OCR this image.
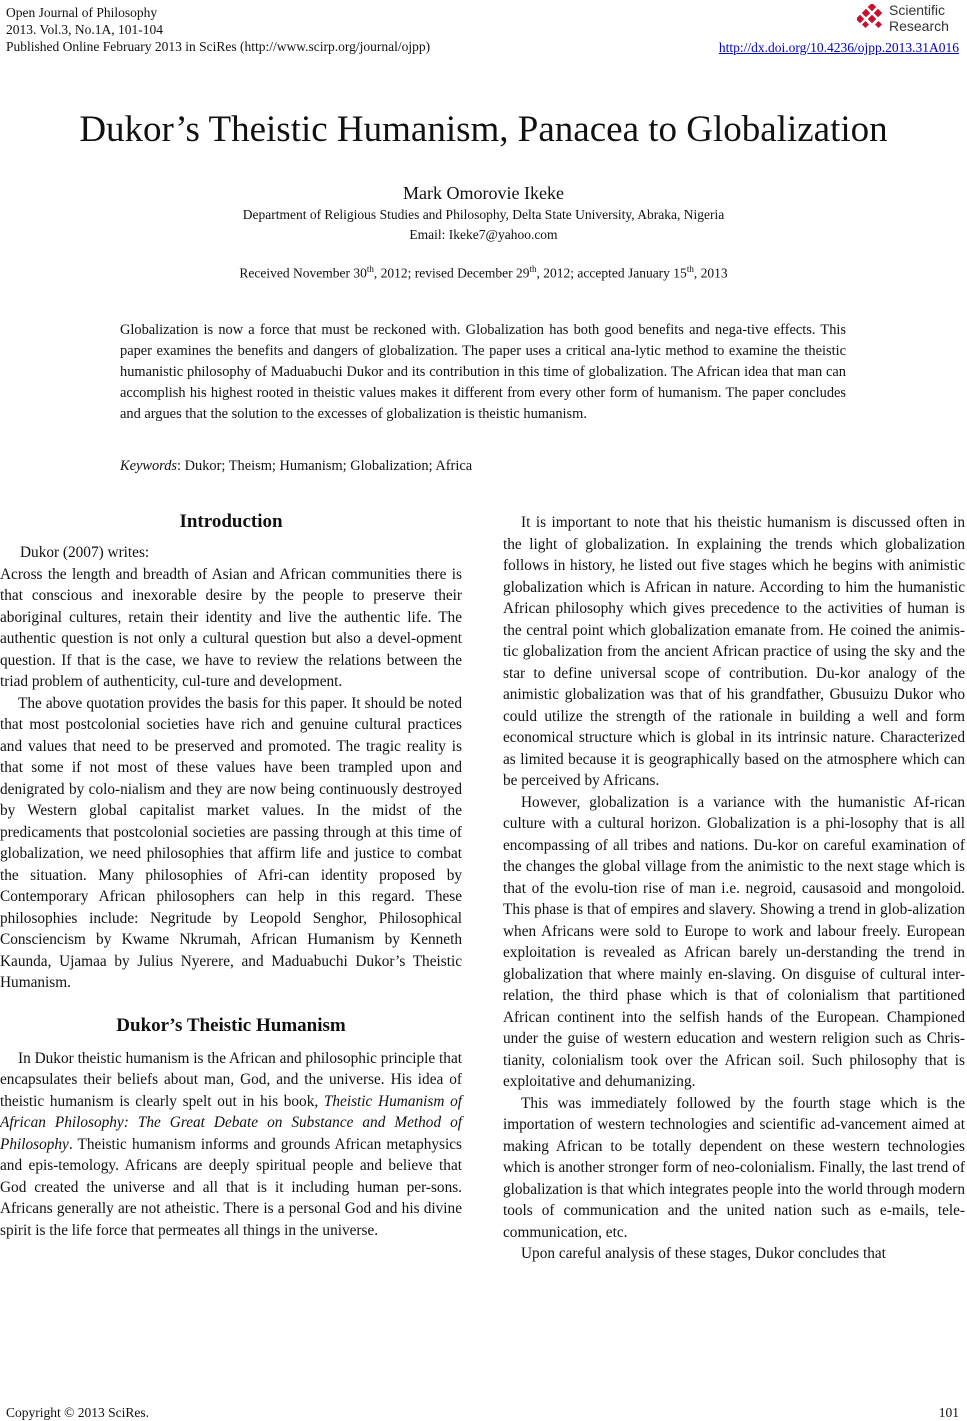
Open Journal of Philosophy
2013. Vol.3, No.1A, 101-104
Published Online February 2013 in SciRes (http://www.scirp.org/journal/ojpp)
Scientific
Research
http://dx.doi.org/10.4236/ojpp.2013.31A016
Dukor’s Theistic Humanism, Panacea to Globalization
Mark Omorovie Ikeke
Department of Religious Studies and Philosophy, Delta State University, Abraka, Nigeria
Email: Ikeke7@yahoo.com
Received November 30th, 2012; revised December 29th, 2012; accepted January 15th, 2013
Globalization is now a force that must be reckoned with. Globalization has both good benefits and nega-tive effects. This paper examines the benefits and dangers of globalization. The paper uses a critical ana-lytic method to examine the theistic humanistic philosophy of Maduabuchi Dukor and its contribution in this time of globalization. The African idea that man can accomplish his highest rooted in theistic values makes it different from every other form of humanism. The paper concludes and argues that the solution to the excesses of globalization is theistic humanism.
Keywords: Dukor; Theism; Humanism; Globalization; Africa
Introduction

Dukor (2007) writes:

Across the length and breadth of Asian and African communities there is that conscious and inexorable desire by the people to preserve their aboriginal cultures, retain their identity and live the authentic life. The authentic question is not only a cultural question but also a devel-opment question. If that is the case, we have to review the relations between the triad problem of authenticity, cul-ture and development.

The above quotation provides the basis for this paper. It should be noted that most postcolonial societies have rich and genuine cultural practices and values that need to be preserved and promoted. The tragic reality is that some if not most of these values have been trampled upon and denigrated by colo-nialism and they are now being continuously destroyed by Western global capitalist market values. In the midst of the predicaments that postcolonial societies are passing through at this time of globalization, we need philosophies that affirm life and justice to combat the situation. Many philosophies of Afri-can identity proposed by Contemporary African philosophers can help in this regard. These philosophies include: Negritude by Leopold Senghor, Philosophical Consciencism by Kwame Nkrumah, African Humanism by Kenneth Kaunda, Ujamaa by Julius Nyerere, and Maduabuchi Dukor’s Theistic Humanism.

Dukor’s Theistic Humanism

In Dukor theistic humanism is the African and philosophic principle that encapsulates their beliefs about man, God, and the universe. His idea of theistic humanism is clearly spelt out in his book, Theistic Humanism of African Philosophy: The Great Debate on Substance and Method of Philosophy. Theistic humanism informs and grounds African metaphysics and epis-temology. Africans are deeply spiritual people and believe that God created the universe and all that is it including human per-sons. Africans generally are not atheistic. There is a personal God and his divine spirit is the life force that permeates all things in the universe.

It is important to note that his theistic humanism is discussed often in the light of globalization. In explaining the trends which globalization follows in history, he listed out five stages which he begins with animistic globalization which is African in nature. According to him the humanistic African philosophy which gives precedence to the activities of human is the central point which globalization emanate from. He coined the animis-tic globalization from the ancient African practice of using the sky and the star to define universal scope of contribution. Du-kor analogy of the animistic globalization was that of his grandfather, Gbusuizu Dukor who could utilize the strength of the rationale in building a well and form economical structure which is global in its intrinsic nature. Characterized as limited because it is geographically based on the atmosphere which can be perceived by Africans.

However, globalization is a variance with the humanistic Af-rican culture with a cultural horizon. Globalization is a phi-losophy that is all encompassing of all tribes and nations. Du-kor on careful examination of the changes the global village from the animistic to the next stage which is that of the evolu-tion rise of man i.e. negroid, causasoid and mongoloid. This phase is that of empires and slavery. Showing a trend in glob-alization when Africans were sold to Europe to work and labour freely. European exploitation is revealed as African barely un-derstanding the trend in globalization that where mainly en-slaving. On disguise of cultural inter-relation, the third phase which is that of colonialism that partitioned African continent into the selfish hands of the European. Championed under the guise of western education and western religion such as Chris-tianity, colonialism took over the African soil. Such philosophy that is exploitative and dehumanizing.

This was immediately followed by the fourth stage which is the importation of western technologies and scientific ad-vancement aimed at making African to be totally dependent on these western technologies which is another stronger form of neo-colonialism. Finally, the last trend of globalization is that which integrates people into the world through modern tools of communication and the united nation such as e-mails, tele-communication, etc.

Upon careful analysis of these stages, Dukor concludes that

Copyright © 2013 SciRes.	101
